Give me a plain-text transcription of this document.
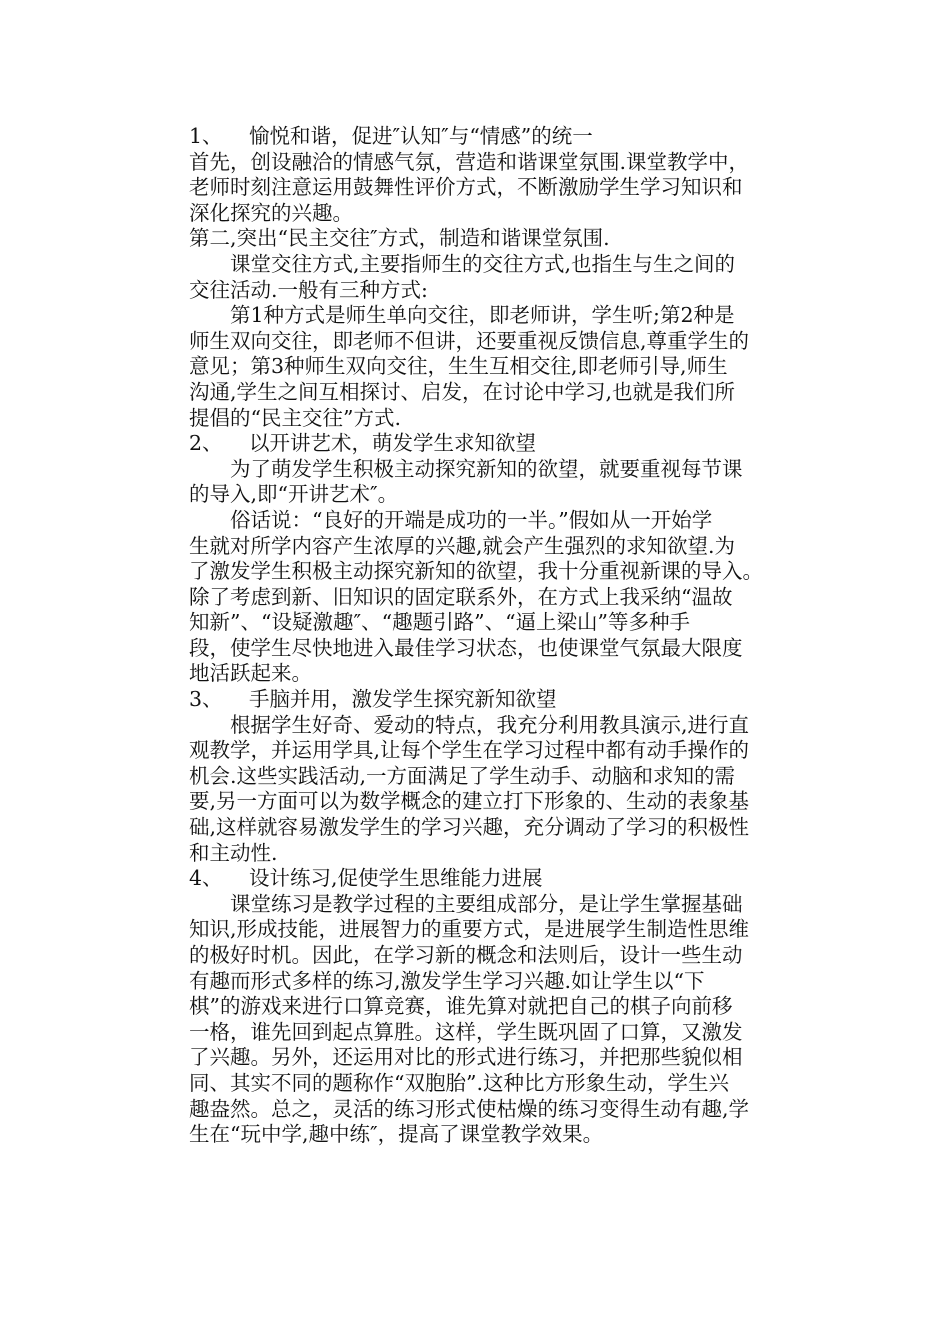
1、 愉悦和谐，促进″认知″与“情感”的统一
首先，创设融洽的情感气氛，营造和谐课堂氛围.课堂教学中，
老师时刻注意运用鼓舞性评价方式，不断激励学生学习知识和
深化探究的兴趣。
第二,突出“民主交往″方式，制造和谐课堂氛围.
课堂交往方式,主要指师生的交往方式,也指生与生之间的
交往活动.一般有三种方式:
第1种方式是师生单向交往，即老师讲，学生听;第2种是
师生双向交往，即老师不但讲，还要重视反馈信息,尊重学生的
意见；第3种师生双向交往，生生互相交往,即老师引导,师生
沟通,学生之间互相探讨、启发，在讨论中学习,也就是我们所
提倡的“民主交往”方式.
2、 以开讲艺术，萌发学生求知欲望
为了萌发学生积极主动探究新知的欲望，就要重视每节课
的导入,即“开讲艺术″。
俗话说：“良好的开端是成功的一半。”假如从一开始学
生就对所学内容产生浓厚的兴趣,就会产生强烈的求知欲望.为
了激发学生积极主动探究新知的欲望，我十分重视新课的导入。
除了考虑到新、旧知识的固定联系外，在方式上我采纳“温故
知新”、“设疑激趣″、“趣题引路”、“逼上梁山”等多种手
段，使学生尽快地进入最佳学习状态，也使课堂气氛最大限度
地活跃起来。
3、 手脑并用，激发学生探究新知欲望
根据学生好奇、爱动的特点，我充分利用教具演示,进行直
观教学，并运用学具,让每个学生在学习过程中都有动手操作的
机会.这些实践活动,一方面满足了学生动手、动脑和求知的需
要,另一方面可以为数学概念的建立打下形象的、生动的表象基
础,这样就容易激发学生的学习兴趣，充分调动了学习的积极性
和主动性.
4、 设计练习,促使学生思维能力进展
课堂练习是教学过程的主要组成部分，是让学生掌握基础
知识,形成技能，进展智力的重要方式，是进展学生制造性思维
的极好时机。因此，在学习新的概念和法则后，设计一些生动
有趣而形式多样的练习,激发学生学习兴趣.如让学生以“下
棋”的游戏来进行口算竞赛，谁先算对就把自己的棋子向前移
一格，谁先回到起点算胜。这样，学生既巩固了口算，又激发
了兴趣。另外，还运用对比的形式进行练习，并把那些貌似相
同、其实不同的题称作“双胞胎”.这种比方形象生动，学生兴
趣盎然。总之，灵活的练习形式使枯燥的练习变得生动有趣,学
生在“玩中学,趣中练″，提高了课堂教学效果。
